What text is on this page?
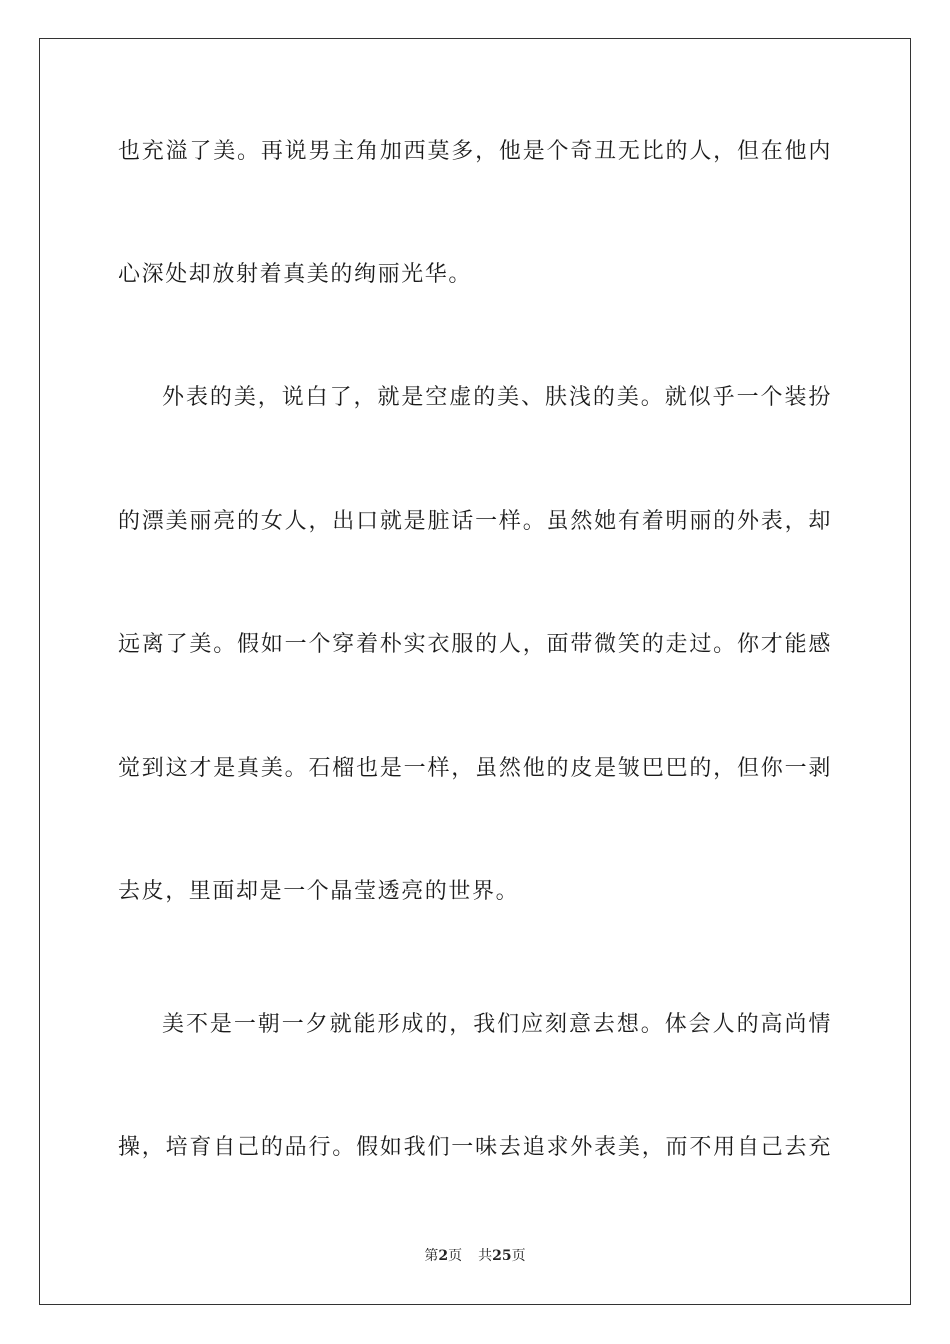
也充溢了美。再说男主角加西莫多，他是个奇丑无比的人，但在他内
心深处却放射着真美的绚丽光华。
外表的美，说白了，就是空虚的美、肤浅的美。就似乎一个装扮
的漂美丽亮的女人，出口就是脏话一样。虽然她有着明丽的外表，却
远离了美。假如一个穿着朴实衣服的人，面带微笑的走过。你才能感
觉到这才是真美。石榴也是一样，虽然他的皮是皱巴巴的，但你一剥
去皮，里面却是一个晶莹透亮的世界。
美不是一朝一夕就能形成的，我们应刻意去想。体会人的高尚情
操，培育自己的品行。假如我们一味去追求外表美，而不用自己去充
第2页 共25页
